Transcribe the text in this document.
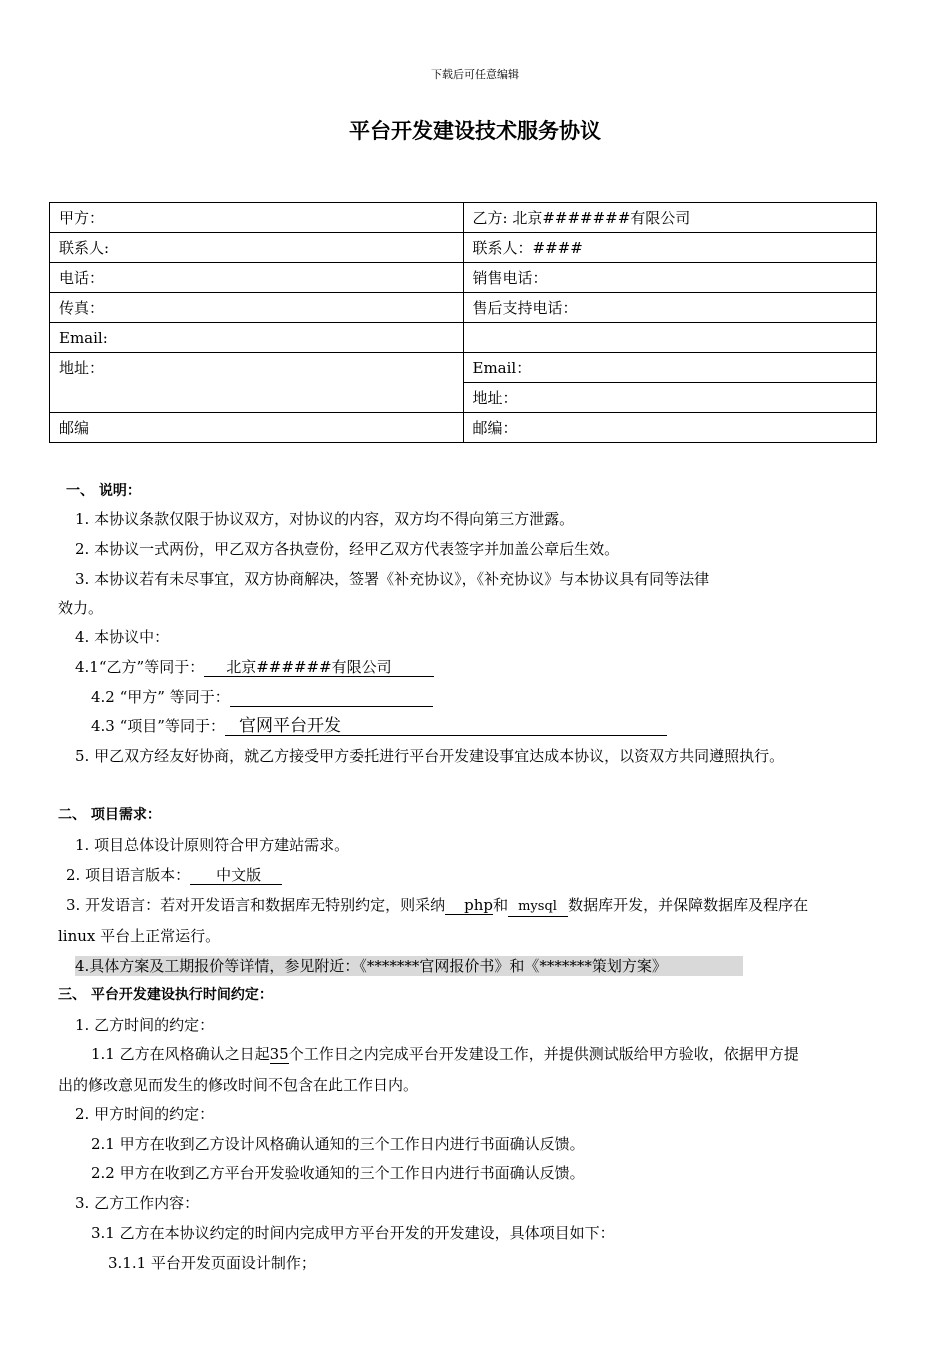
下载后可任意编辑
平台开发建设技术服务协议
甲方：	乙方: 北京#######有限公司
联系人:	联系人：####
电话：	销售电话：
传真：	售后支持电话：
Email:	
地址：	Email：
	地址：
邮编	邮编：
一、 说明：
1. 本协议条款仅限于协议双方，对协议的内容，双方均不得向第三方泄露。
2. 本协议一式两份，甲乙双方各执壹份，经甲乙双方代表签字并加盖公章后生效。
3. 本协议若有未尽事宜，双方协商解决，签署《补充协议》，《补充协议》与本协议具有同等法律
效力。
4. 本协议中：
4.1“乙方”等同于： 北京######有限公司
4.2 “甲方” 等同于：
4.3 “项目”等同于： 官网平台开发
5. 甲乙双方经友好协商，就乙方接受甲方委托进行平台开发建设事宜达成本协议，以资双方共同遵照执行。
二、 项目需求：
1. 项目总体设计原则符合甲方建站需求。
2. 项目语言版本： 中文版
3. 开发语言：若对开发语言和数据库无特别约定，则采纳 php和 mysql 数据库开发，并保障数据库及程序在
linux 平台上正常运行。
4.具体方案及工期报价等详情，参见附近：《*******官网报价书》和《*******策划方案》
三、 平台开发建设执行时间约定：
1. 乙方时间的约定：
1.1 乙方在风格确认之日起35个工作日之内完成平台开发建设工作，并提供测试版给甲方验收，依据甲方提
出的修改意见而发生的修改时间不包含在此工作日内。
2. 甲方时间的约定：
2.1 甲方在收到乙方设计风格确认通知的三个工作日内进行书面确认反馈。
2.2 甲方在收到乙方平台开发验收通知的三个工作日内进行书面确认反馈。
3. 乙方工作内容：
3.1 乙方在本协议约定的时间内完成甲方平台开发的开发建设，具体项目如下：
3.1.1 平台开发页面设计制作；
